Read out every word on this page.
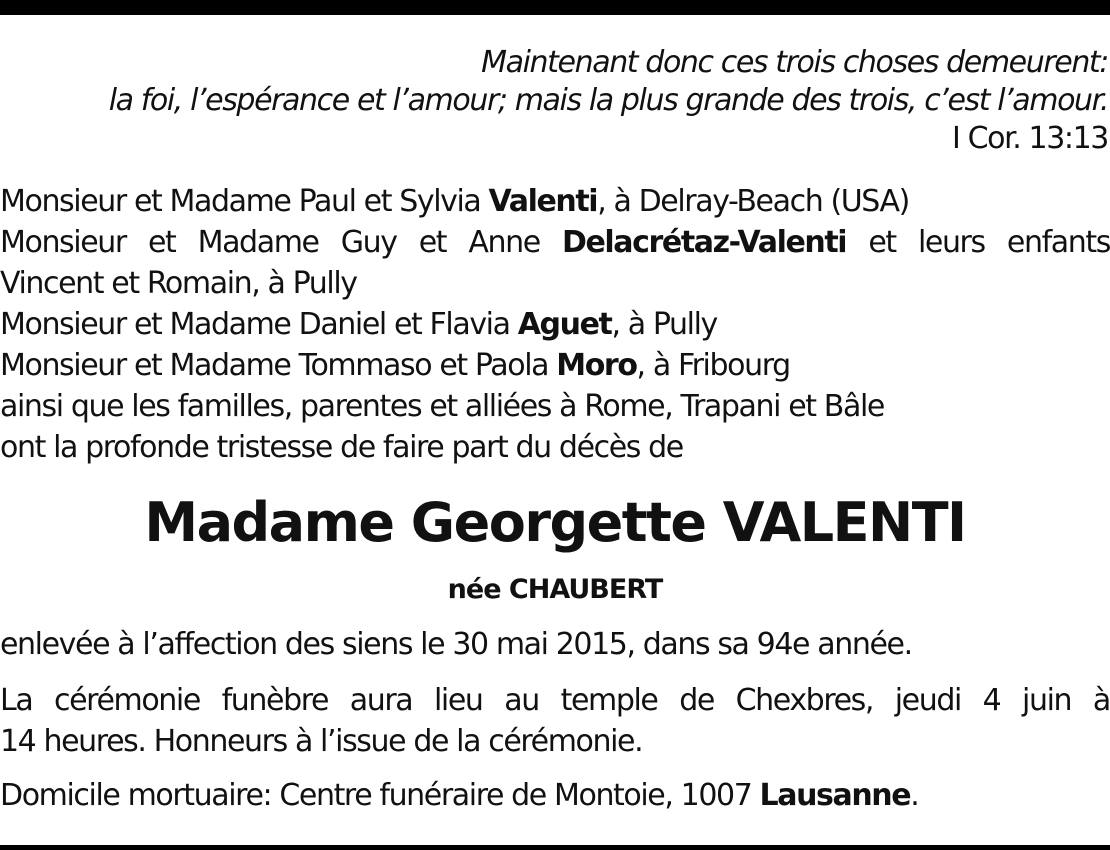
Maintenant donc ces trois choses demeurent:
la foi, l’espérance et l’amour; mais la plus grande des trois, c’est l’amour.
I Cor. 13:13
Monsieur et Madame Paul et Sylvia Valenti, à Delray-Beach (USA)
Monsieur et Madame Guy et Anne Delacrétaz-Valenti et leurs enfants
Vincent et Romain, à Pully
Monsieur et Madame Daniel et Flavia Aguet, à Pully
Monsieur et Madame Tommaso et Paola Moro, à Fribourg
ainsi que les familles, parentes et alliées à Rome, Trapani et Bâle
ont la profonde tristesse de faire part du décès de
Madame Georgette VALENTI
née CHAUBERT
enlevée à l’affection des siens le 30 mai 2015, dans sa 94e année.
La cérémonie funèbre aura lieu au temple de Chexbres, jeudi 4 juin à
14 heures. Honneurs à l’issue de la cérémonie.
Domicile mortuaire: Centre funéraire de Montoie, 1007 Lausanne.
